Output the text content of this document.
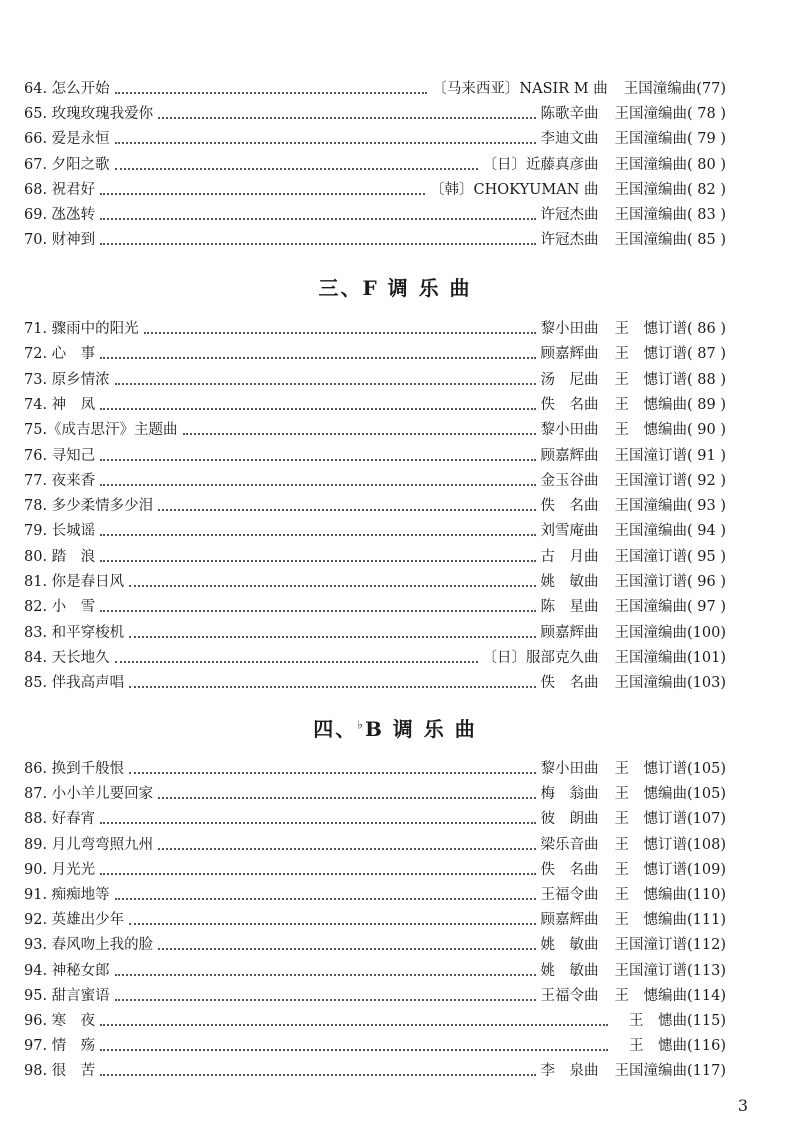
64. 怎么开始	〔马来西亚〕NASIR M 曲 王国潼编曲 (77)
65. 玫瑰玫瑰我爱你	陈歌辛曲 王国潼编曲 ( 78 )
66. 爱是永恒	李迪文曲 王国潼编曲 ( 79 )
67. 夕阳之歌	〔日〕近藤真彦曲 王国潼编曲 ( 80 )
68. 祝君好	〔韩〕CHOKYUMAN 曲 王国潼编曲 ( 82 )
69. 氹氹转	许冠杰曲 王国潼编曲 ( 83 )
70. 财神到	许冠杰曲 王国潼编曲 ( 85 )
三、F 调 乐 曲
71. 骤雨中的阳光	黎小田曲 王　憓订谱 ( 86 )
72. 心　事	顾嘉辉曲 王　憓订谱 ( 87 )
73. 原乡情浓	汤　尼曲 王　憓订谱 ( 88 )
74. 神　凤	佚　名曲 王　憓编曲 ( 89 )
75.《成吉思汗》主题曲	黎小田曲 王　憓编曲 ( 90 )
76. 寻知己	顾嘉辉曲 王国潼订谱 ( 91 )
77. 夜来香	金玉谷曲 王国潼订谱 ( 92 )
78. 多少柔情多少泪	佚　名曲 王国潼编曲 ( 93 )
79. 长城谣	刘雪庵曲 王国潼编曲 ( 94 )
80. 踏　浪	古　月曲 王国潼订谱 ( 95 )
81. 你是春日风	姚　敏曲 王国潼订谱 ( 96 )
82. 小　雪	陈　星曲 王国潼编曲 ( 97 )
83. 和平穿梭机	顾嘉辉曲 王国潼编曲 (100)
84. 天长地久	〔日〕服部克久曲 王国潼编曲 (101)
85. 伴我高声唱	佚　名曲 王国潼编曲 (103)
四、♭B 调 乐 曲
86. 换到千般恨	黎小田曲 王　憓订谱 (105)
87. 小小羊儿要回家	梅　翁曲 王　憓编曲 (105)
88. 好春宵	彼　朗曲 王　憓订谱 (107)
89. 月儿弯弯照九州	梁乐音曲 王　憓订谱 (108)
90. 月光光	佚　名曲 王　憓订谱 (109)
91. 痴痴地等	王福令曲 王　憓编曲 (110)
92. 英雄出少年	顾嘉辉曲 王　憓编曲 (111)
93. 春风吻上我的脸	姚　敏曲 王国潼订谱 (112)
94. 神秘女郎	姚　敏曲 王国潼订谱 (113)
95. 甜言蜜语	王福令曲 王　憓编曲 (114)
96. 寒　夜	王　憓曲 (115)
97. 情　殇	王　憓曲 (116)
98. 很　苦	李　泉曲 王国潼编曲 (117)
3
